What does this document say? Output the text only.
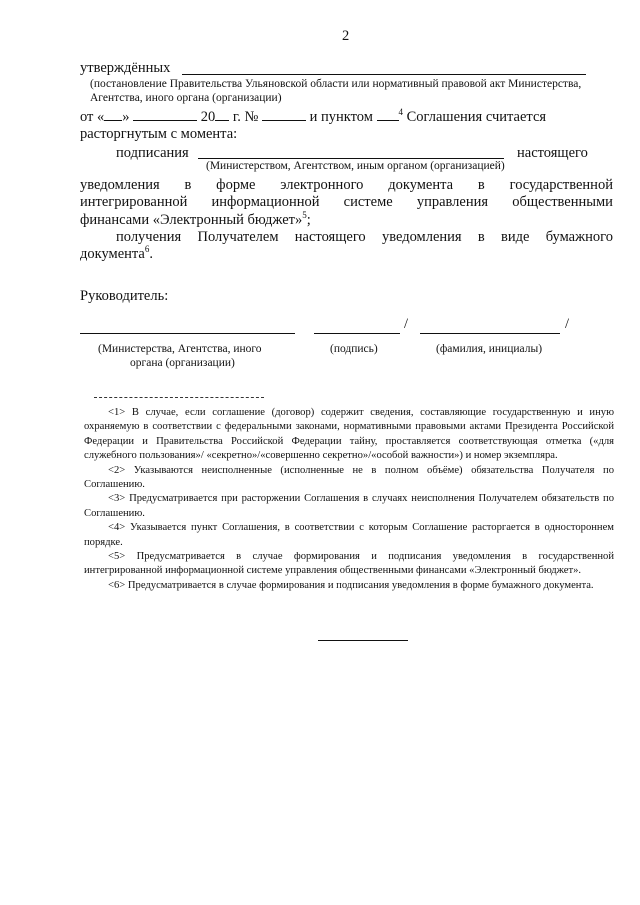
2
утверждённых
(постановление Правительства Ульяновской области или нормативный правовой акт Министерства, Агентства, иного органа (организации)
от « »	20 г. №	и пунктом	$^4$ Соглашения считается
расторгнутым с момента:
подписания	настоящего
(Министерством, Агентством, иным органом (организацией)
уведомления в форме электронного документа в государственной
интегрированной информационной системе управления общественными
финансами «Электронный бюджет»$^5$;
получения Получателем настоящего уведомления в виде бумажного
документа$^6$.
Руководитель:
/	/
(Министерства, Агентства, иного
органа (организации)
(подпись)	(фамилия, инициалы)

<1> В случае, если соглашение (договор) содержит сведения, составляющие государственную и иную охраняемую в соответствии с федеральными законами, нормативными правовыми актами Президента Российской Федерации и Правительства Российской Федерации тайну, проставляется соответствующая отметка («для служебного пользования»/ «секретно»/«совершенно секретно»/«особой важности») и номер экземпляра.

<2> Указываются неисполненные (исполненные не в полном объёме) обязательства Получателя по Соглашению.

<3> Предусматривается при расторжении Соглашения в случаях неисполнения Получателем обязательств по Соглашению.

<4> Указывается пункт Соглашения, в соответствии с которым Соглашение расторгается в одностороннем порядке.

<5> Предусматривается в случае формирования и подписания уведомления в государственной интегрированной информационной системе управления общественными финансами «Электронный бюджет».

<6> Предусматривается в случае формирования и подписания уведомления в форме бумажного документа.
